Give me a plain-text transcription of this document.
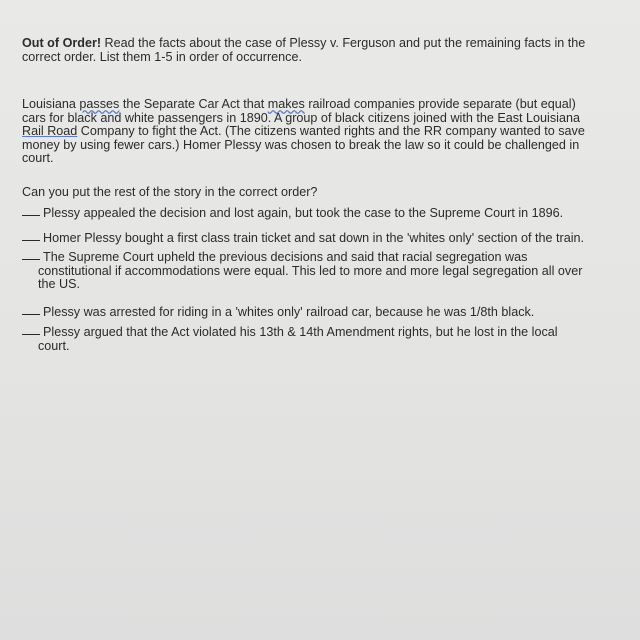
Out of Order! Read the facts about the case of Plessy v. Ferguson and put the remaining facts in the
correct order. List them 1-5 in order of occurrence.
Louisiana passes the Separate Car Act that makes railroad companies provide separate (but equal)
cars for black and white passengers in 1890. A group of black citizens joined with the East Louisiana
Rail Road Company to fight the Act. (The citizens wanted rights and the RR company wanted to save
money by using fewer cars.) Homer Plessy was chosen to break the law so it could be challenged in
court.
Can you put the rest of the story in the correct order?
Plessy appealed the decision and lost again, but took the case to the Supreme Court in 1896.
Homer Plessy bought a first class train ticket and sat down in the 'whites only' section of the train.
The Supreme Court upheld the previous decisions and said that racial segregation was
constitutional if accommodations were equal. This led to more and more legal segregation all over
the US.
Plessy was arrested for riding in a 'whites only' railroad car, because he was 1/8th black.
Plessy argued that the Act violated his 13th & 14th Amendment rights, but he lost in the local
court.
